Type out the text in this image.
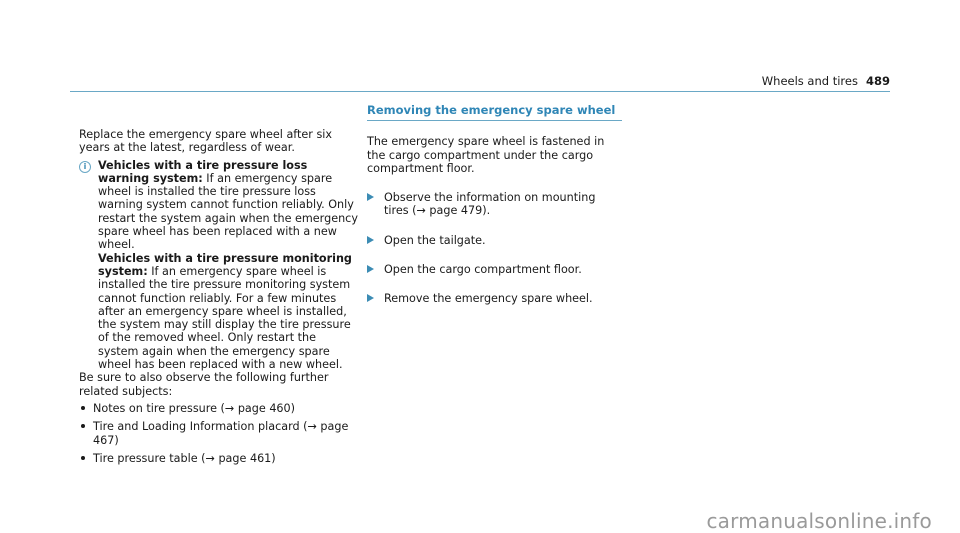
Wheels and tires 489

Replace the emergency spare wheel after six years at the latest, regardless of wear.

i	Vehicles with a tire pressure loss warning system: If an emergency spare wheel is installed the tire pressure loss warning system cannot function reliably. Only restart the system again when the emergency spare wheel has been replaced with a new wheel.

Vehicles with a tire pressure monitoring system: If an emergency spare wheel is installed the tire pressure monitoring system cannot function reliably. For a few minutes after an emergency spare wheel is installed, the system may still display the tire pressure of the removed wheel. Only restart the system again when the emergency spare wheel has been replaced with a new wheel.

Be sure to also observe the following further related subjects:

Notes on tire pressure (→ page 460)
Tire and Loading Information placard (→ page 467)
Tire pressure table (→ page 461)
Removing the emergency spare wheel

The emergency spare wheel is fastened in the cargo compartment under the cargo compartment floor.

Observe the information on mounting tires (→ page 479).
Open the tailgate.
Open the cargo compartment floor.
Remove the emergency spare wheel.
carmanualsonline.info
